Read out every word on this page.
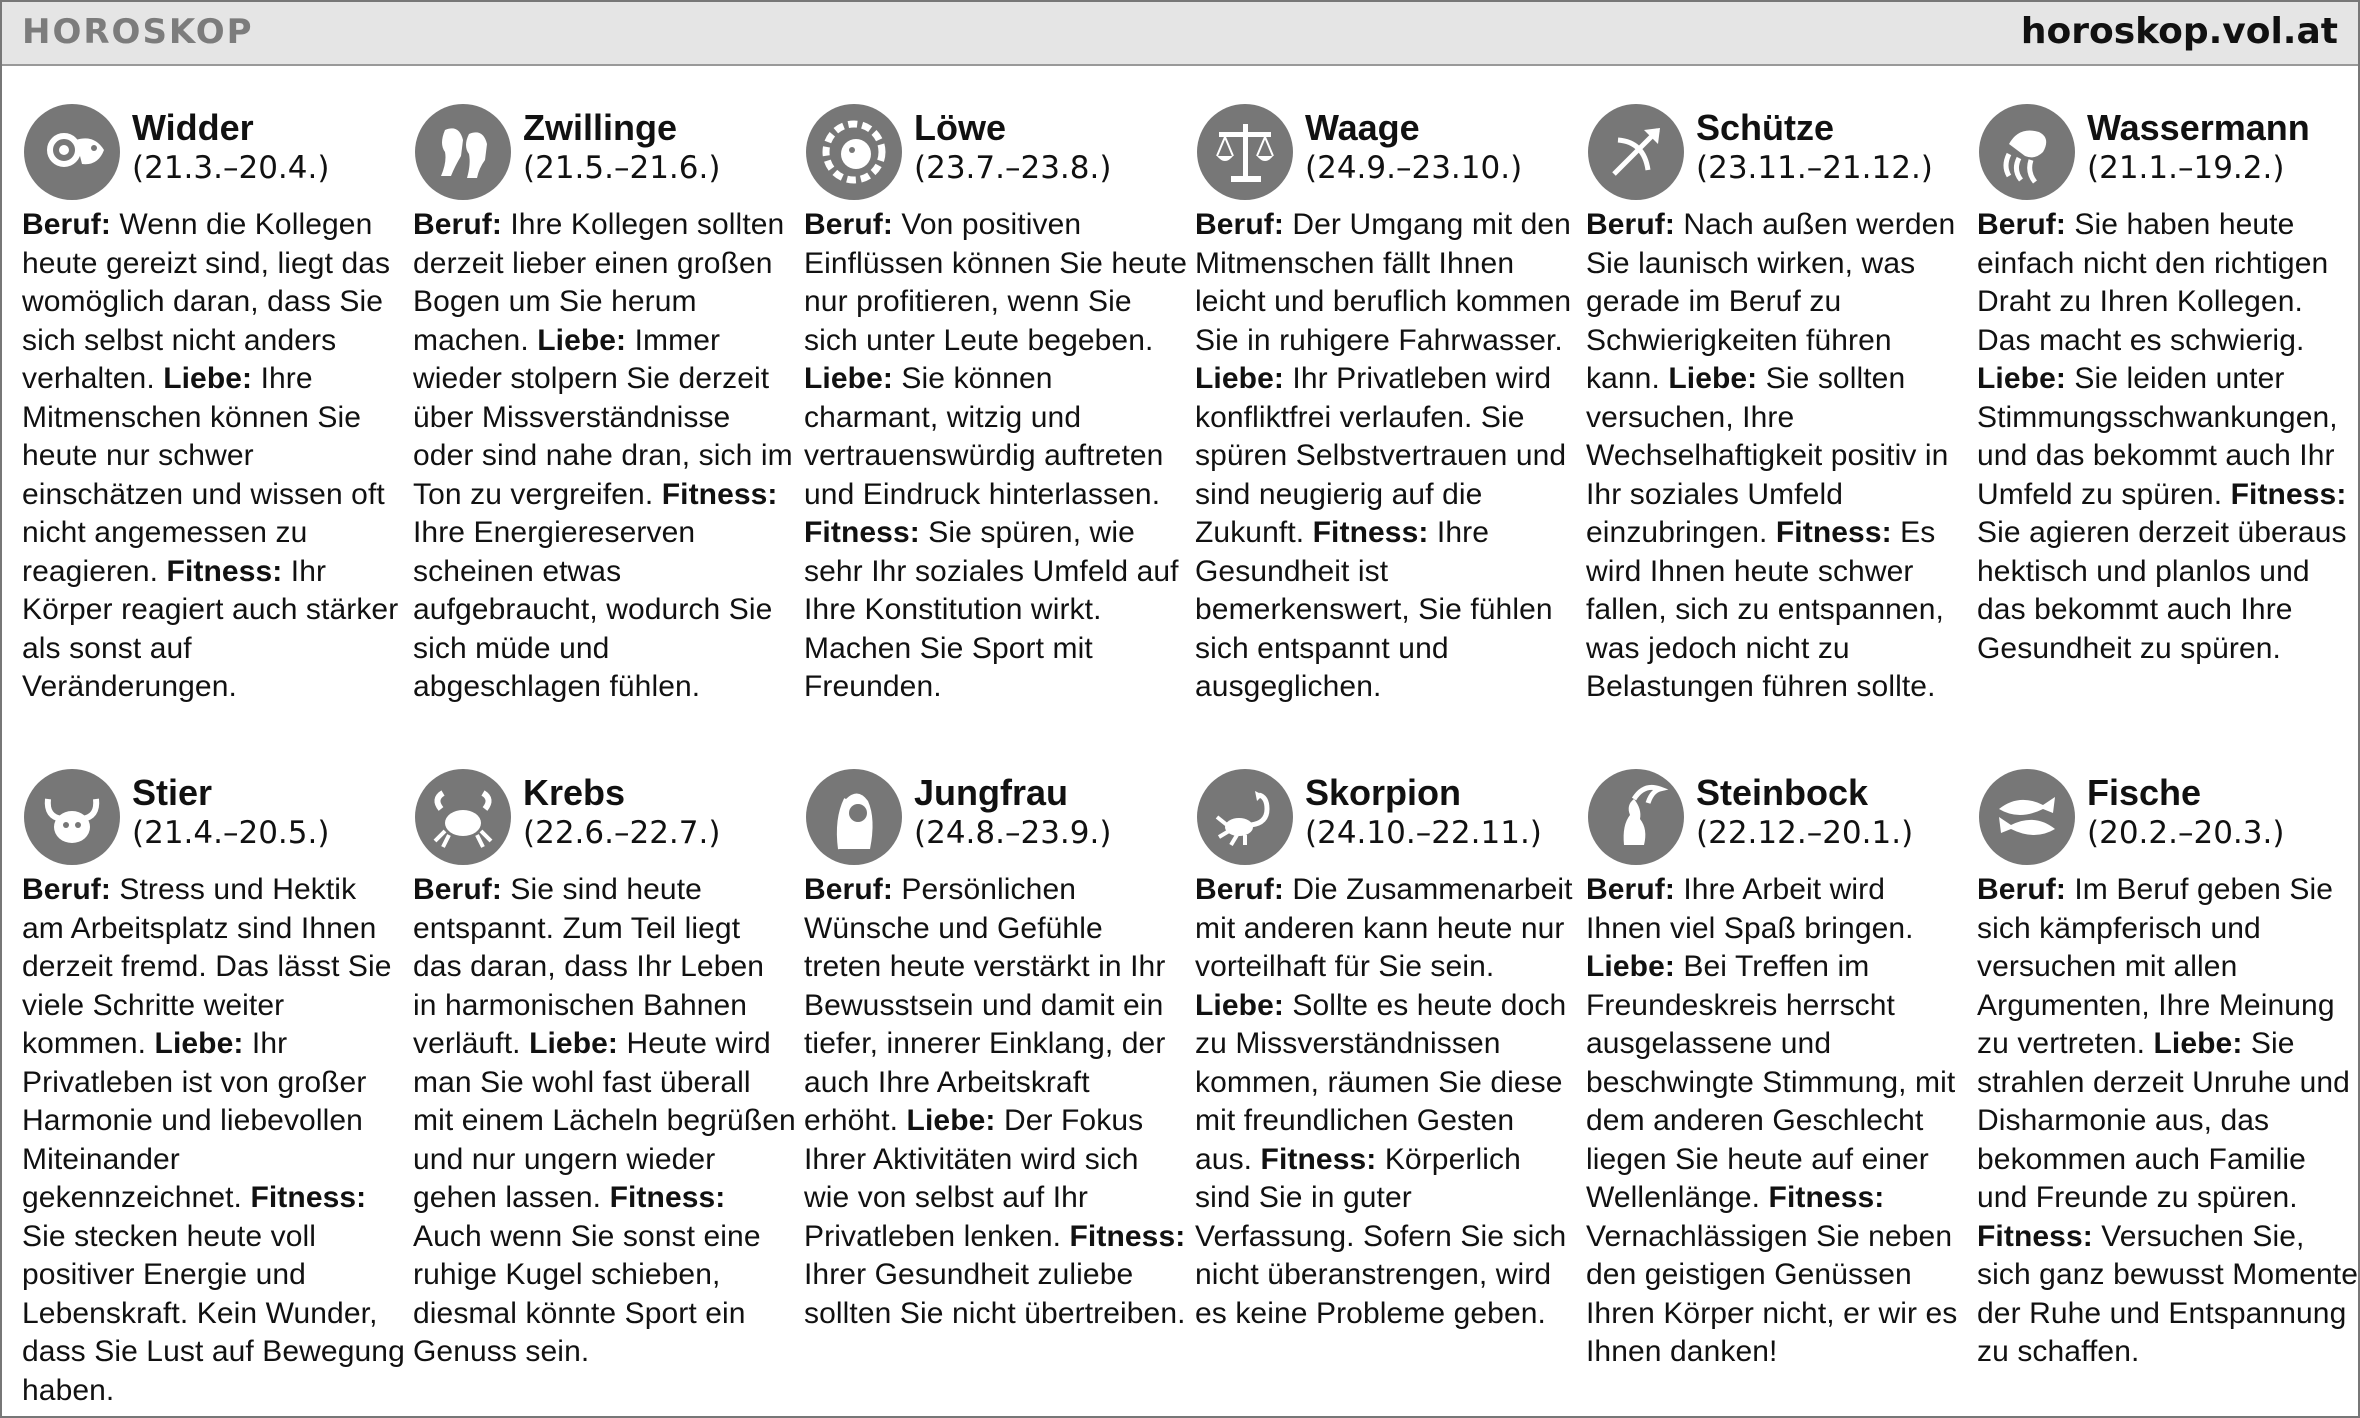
HOROSKOP	horoskop.vol.at
Widder
(21.3.–20.4.)
Beruf: Wenn die Kollegen heute gereizt sind, liegt das womöglich daran, dass Sie sich selbst nicht anders verhalten. Liebe: Ihre Mitmenschen können Sie heute nur schwer einschätzen und wissen oft nicht angemessen zu reagieren. Fitness: Ihr Körper reagiert auch stärker als sonst auf Veränderungen.
Zwillinge
(21.5.–21.6.)
Beruf: Ihre Kollegen sollten derzeit lieber einen großen Bogen um Sie herum machen. Liebe: Immer wieder stolpern Sie derzeit über Missverständnisse oder sind nahe dran, sich im Ton zu vergreifen. Fitness: Ihre Energiereserven scheinen etwas aufgebraucht, wodurch Sie sich müde und abgeschlagen fühlen.
Löwe
(23.7.–23.8.)
Beruf: Von positiven Einflüssen können Sie heute nur profitieren, wenn Sie sich unter Leute begeben. Liebe: Sie können charmant, witzig und vertrauenswürdig auftreten und Eindruck hinterlassen. Fitness: Sie spüren, wie sehr Ihr soziales Umfeld auf Ihre Konstitution wirkt. Machen Sie Sport mit Freunden.
Waage
(24.9.–23.10.)
Beruf: Der Umgang mit den Mitmenschen fällt Ihnen leicht und beruflich kommen Sie in ruhigere Fahrwasser. Liebe: Ihr Privatleben wird konfliktfrei verlaufen. Sie spüren Selbstvertrauen und sind neugierig auf die Zukunft. Fitness: Ihre Gesundheit ist bemerkenswert, Sie fühlen sich entspannt und ausgeglichen.
Schütze
(23.11.–21.12.)
Beruf: Nach außen werden Sie launisch wirken, was gerade im Beruf zu Schwierigkeiten führen kann. Liebe: Sie sollten versuchen, Ihre Wechselhaftigkeit positiv in Ihr soziales Umfeld einzubringen. Fitness: Es wird Ihnen heute schwer fallen, sich zu entspannen, was jedoch nicht zu Belastungen führen sollte.
Wassermann
(21.1.–19.2.)
Beruf: Sie haben heute einfach nicht den richtigen Draht zu Ihren Kollegen. Das macht es schwierig. Liebe: Sie leiden unter Stimmungsschwankungen, und das bekommt auch Ihr Umfeld zu spüren. Fitness: Sie agieren derzeit überaus hektisch und planlos und das bekommt auch Ihre Gesundheit zu spüren.
Stier
(21.4.–20.5.)
Beruf: Stress und Hektik am Arbeitsplatz sind Ihnen derzeit fremd. Das lässt Sie viele Schritte weiter kommen. Liebe: Ihr Privatleben ist von großer Harmonie und liebevollen Miteinander gekennzeichnet. Fitness: Sie stecken heute voll positiver Energie und Lebenskraft. Kein Wunder, dass Sie Lust auf Bewegung haben.
Krebs
(22.6.–22.7.)
Beruf: Sie sind heute entspannt. Zum Teil liegt das daran, dass Ihr Leben in harmonischen Bahnen verläuft. Liebe: Heute wird man Sie wohl fast überall mit einem Lächeln begrüßen und nur ungern wieder gehen lassen. Fitness: Auch wenn Sie sonst eine ruhige Kugel schieben, diesmal könnte Sport ein Genuss sein.
Jungfrau
(24.8.–23.9.)
Beruf: Persönlichen Wünsche und Gefühle treten heute verstärkt in Ihr Bewusstsein und damit ein tiefer, innerer Einklang, der auch Ihre Arbeitskraft erhöht. Liebe: Der Fokus Ihrer Aktivitäten wird sich wie von selbst auf Ihr Privatleben lenken. Fitness: Ihrer Gesundheit zuliebe sollten Sie nicht übertreiben.
Skorpion
(24.10.–22.11.)
Beruf: Die Zusammenarbeit mit anderen kann heute nur vorteilhaft für Sie sein. Liebe: Sollte es heute doch zu Missverständnissen kommen, räumen Sie diese mit freundlichen Gesten aus. Fitness: Körperlich sind Sie in guter Verfassung. Sofern Sie sich nicht überanstrengen, wird es keine Probleme geben.
Steinbock
(22.12.–20.1.)
Beruf: Ihre Arbeit wird Ihnen viel Spaß bringen. Liebe: Bei Treffen im Freundeskreis herrscht ausgelassene und beschwingte Stimmung, mit dem anderen Geschlecht liegen Sie heute auf einer Wellenlänge. Fitness: Vernachlässigen Sie neben den geistigen Genüssen Ihren Körper nicht, er wir es Ihnen danken!
Fische
(20.2.–20.3.)
Beruf: Im Beruf geben Sie sich kämpferisch und versuchen mit allen Argumenten, Ihre Meinung zu vertreten. Liebe: Sie strahlen derzeit Unruhe und Disharmonie aus, das bekommen auch Familie und Freunde zu spüren. Fitness: Versuchen Sie, sich ganz bewusst Momente der Ruhe und Entspannung zu schaffen.
